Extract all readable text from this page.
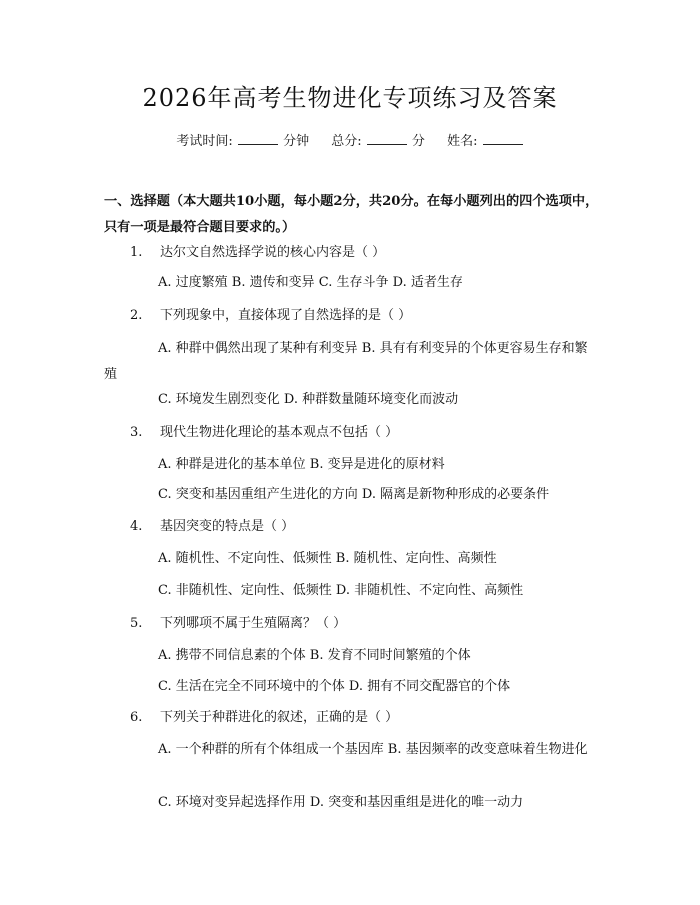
2026年高考生物进化专项练习及答案
考试时间:	分钟 总分:	分 姓名:
一、选择题（本大题共10小题，每小题2分，共20分。在每小题列出的四个选项中，只有一项是最符合题目要求的。）
1. 达尔文自然选择学说的核心内容是（ ）
A. 过度繁殖 B. 遗传和变异 C. 生存斗争 D. 适者生存
2. 下列现象中，直接体现了自然选择的是（ ）
A. 种群中偶然出现了某种有利变异 B. 具有有利变异的个体更容易生存和繁殖
C. 环境发生剧烈变化 D. 种群数量随环境变化而波动
3. 现代生物进化理论的基本观点不包括（ ）
A. 种群是进化的基本单位 B. 变异是进化的原材料
C. 突变和基因重组产生进化的方向 D. 隔离是新物种形成的必要条件
4. 基因突变的特点是（ ）
A. 随机性、不定向性、低频性 B. 随机性、定向性、高频性
C. 非随机性、定向性、低频性 D. 非随机性、不定向性、高频性
5. 下列哪项不属于生殖隔离？（ ）
A. 携带不同信息素的个体 B. 发育不同时间繁殖的个体
C. 生活在完全不同环境中的个体 D. 拥有不同交配器官的个体
6. 下列关于种群进化的叙述，正确的是（ ）
A. 一个种群的所有个体组成一个基因库 B. 基因频率的改变意味着生物进化
C. 环境对变异起选择作用 D. 突变和基因重组是进化的唯一动力
